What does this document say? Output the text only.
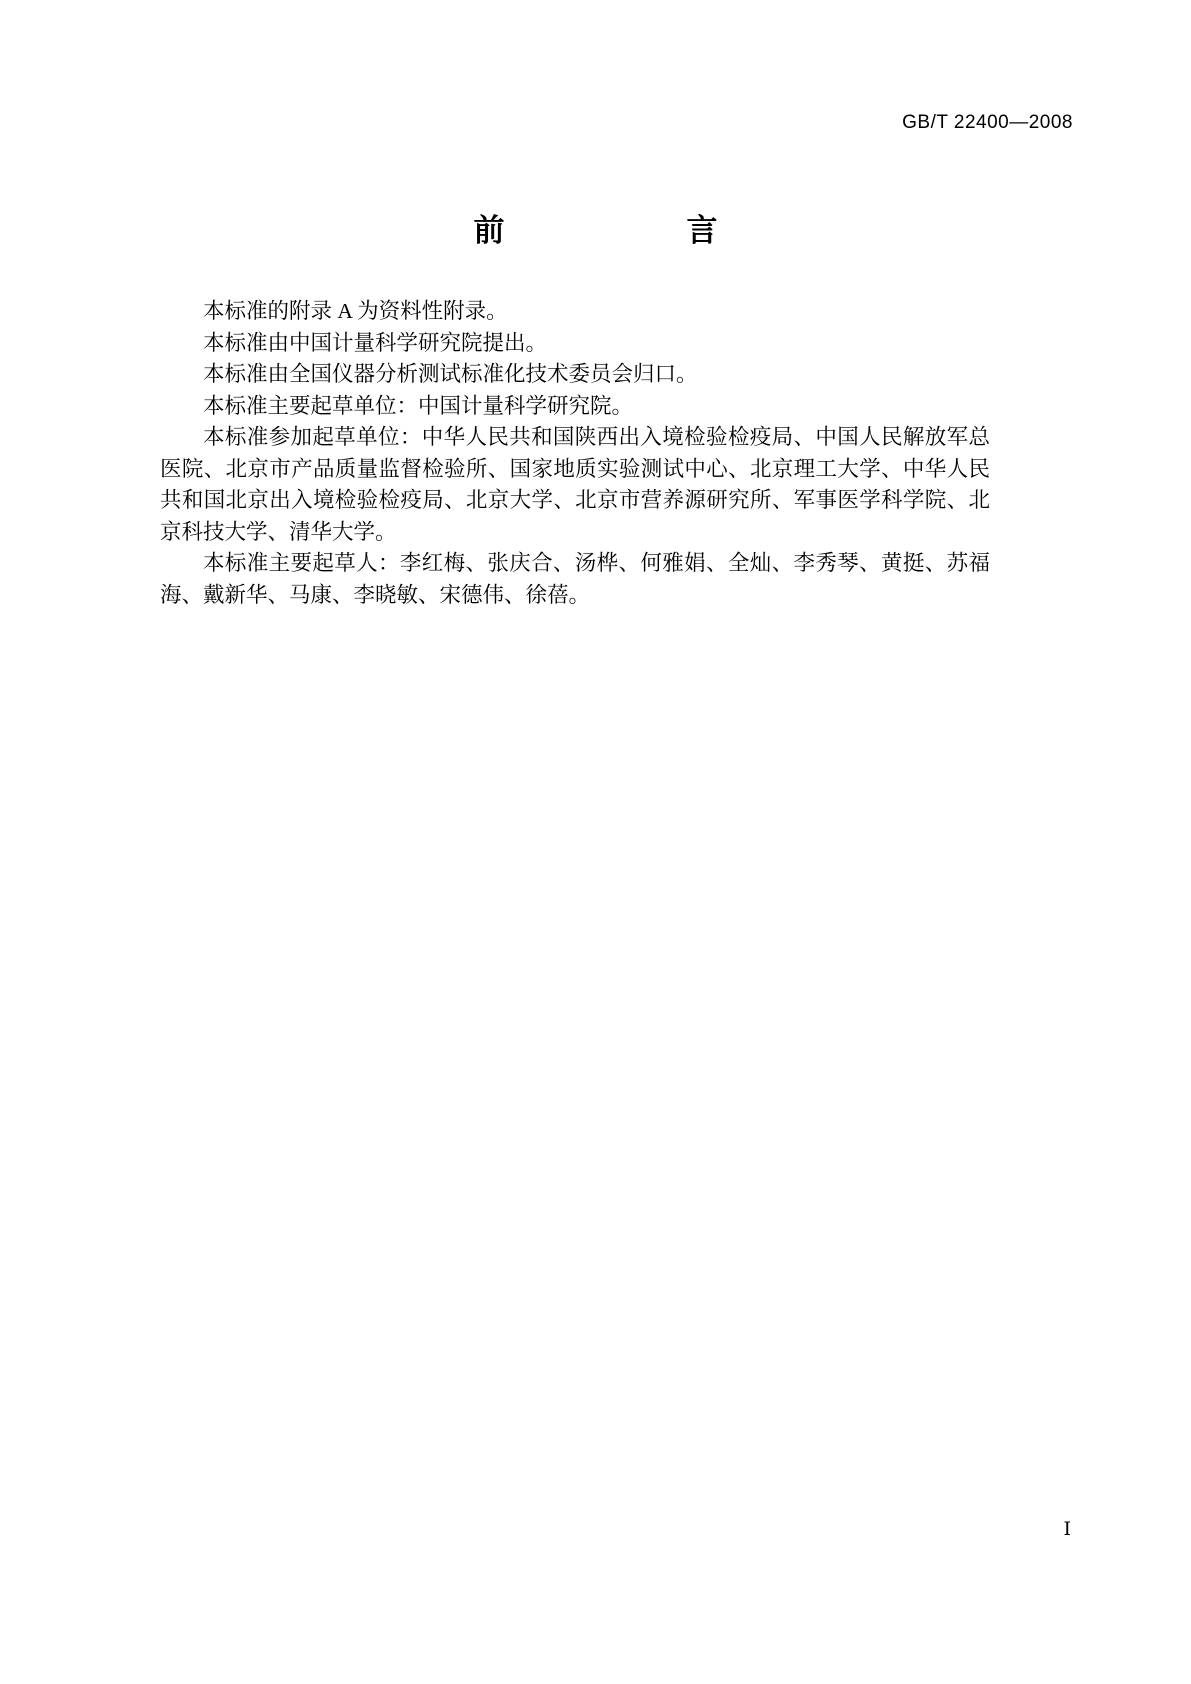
GB/T 22400—2008
前　　言

本标准的附录 A 为资料性附录。

本标准由中国计量科学研究院提出。

本标准由全国仪器分析测试标准化技术委员会归口。

本标准主要起草单位：中国计量科学研究院。

本标准参加起草单位：中华人民共和国陕西出入境检验检疫局、中国人民解放军总医院、北京市产品质量监督检验所、国家地质实验测试中心、北京理工大学、中华人民共和国北京出入境检验检疫局、北京大学、北京市营养源研究所、军事医学科学院、北京科技大学、清华大学。

本标准主要起草人：李红梅、张庆合、汤桦、何雅娟、全灿、李秀琴、黄挺、苏福海、戴新华、马康、李晓敏、宋德伟、徐蓓。

Ⅰ
